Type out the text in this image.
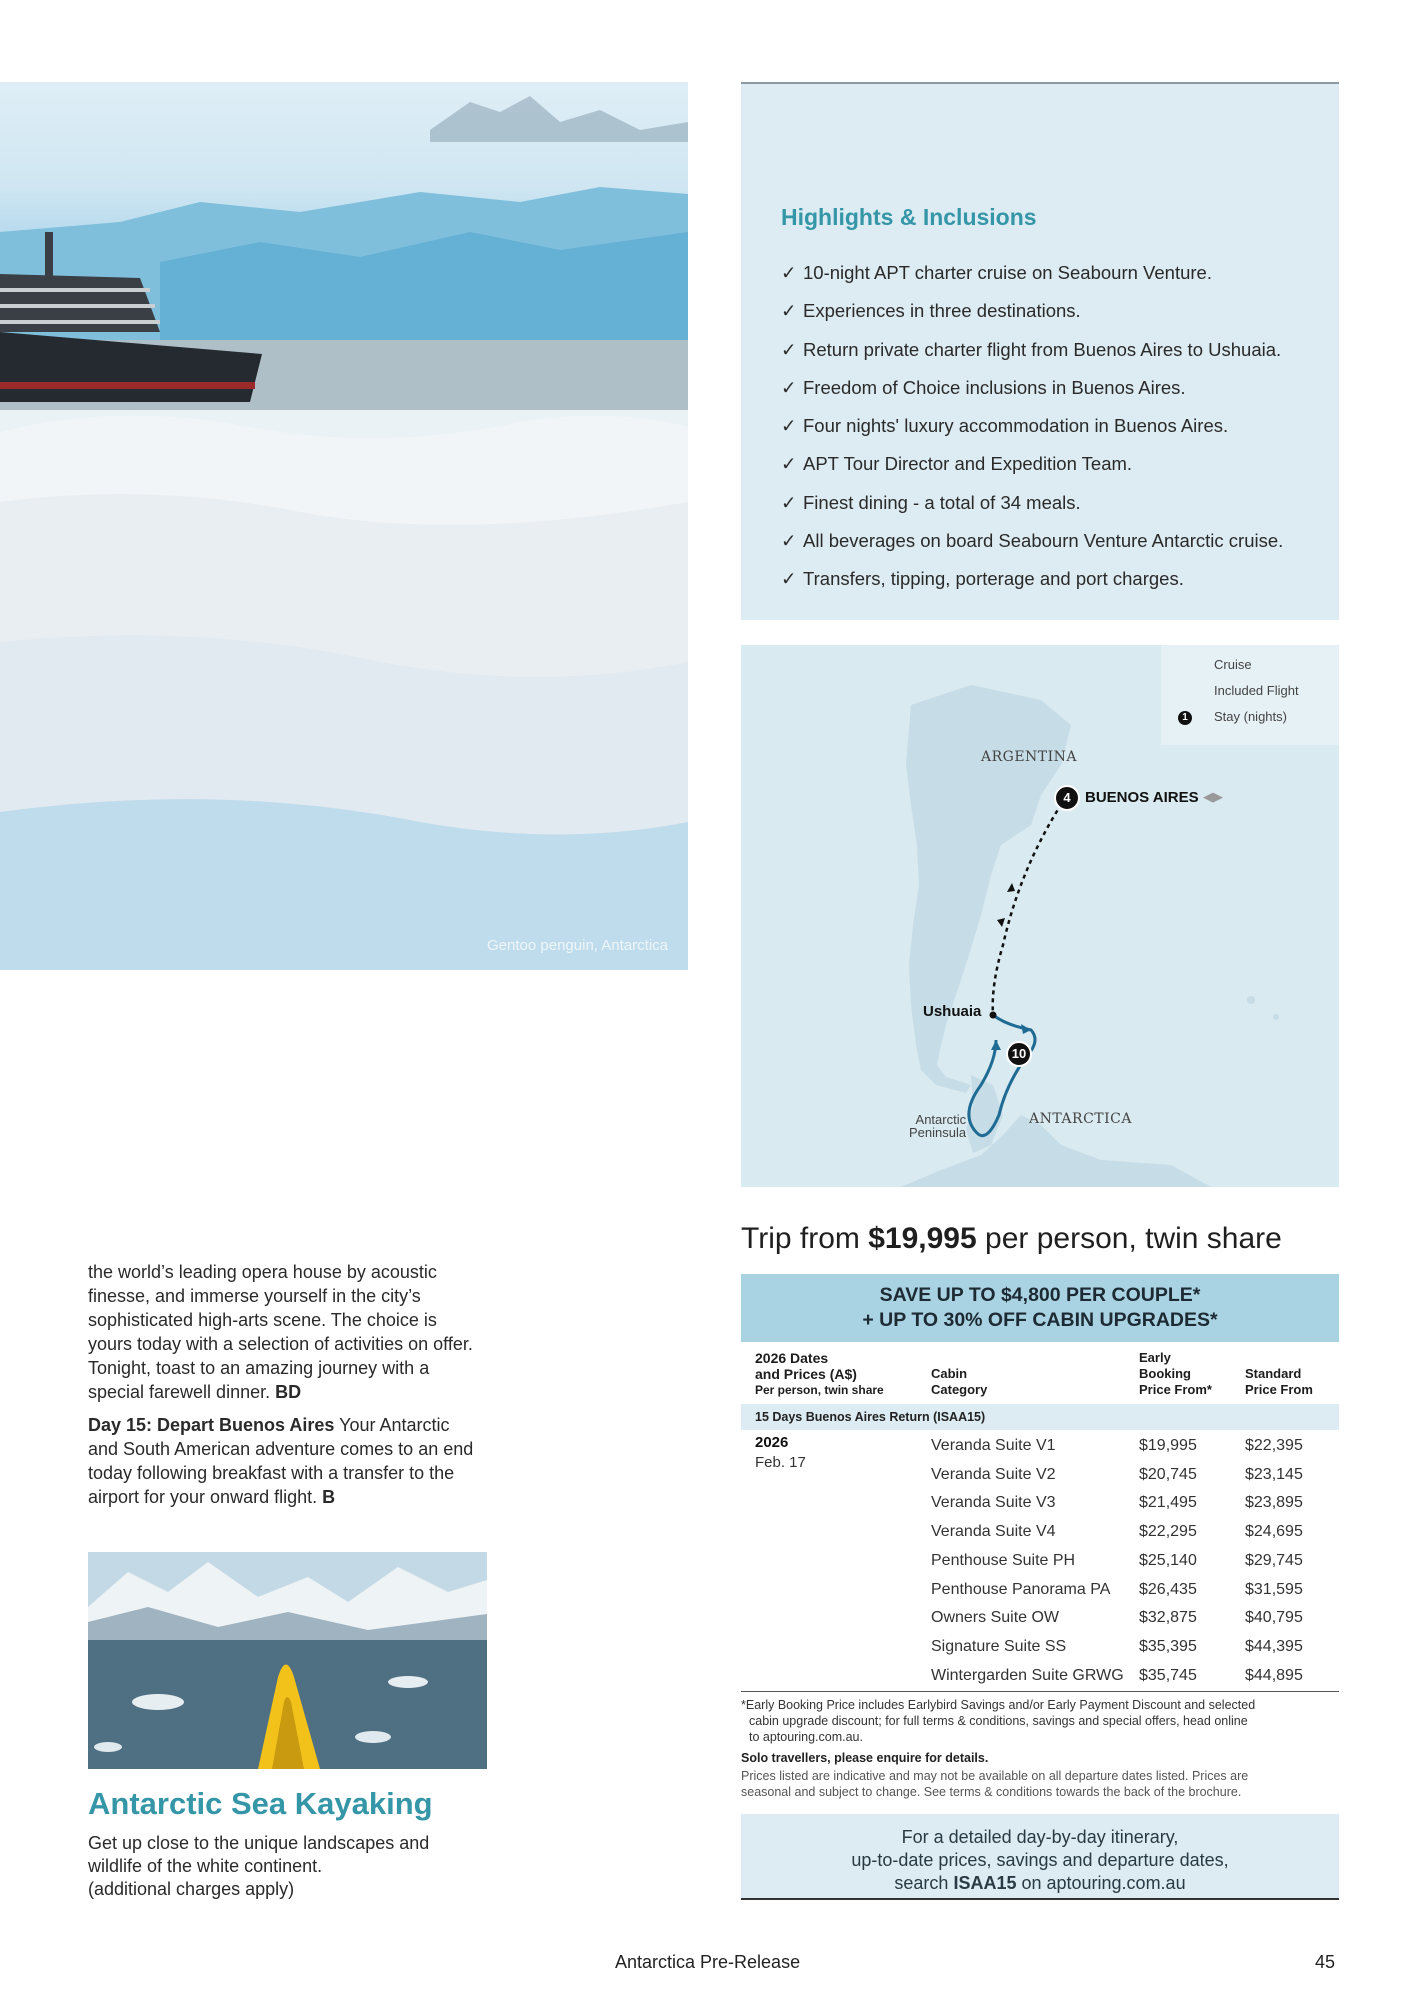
Gentoo penguin, Antarctica
Highlights & Inclusions
✓ 10-night APT charter cruise on Seabourn Venture.
✓ Experiences in three destinations.
✓ Return private charter flight from Buenos Aires to Ushuaia.
✓ Freedom of Choice inclusions in Buenos Aires.
✓ Four nights' luxury accommodation in Buenos Aires.
✓ APT Tour Director and Expedition Team.
✓ Finest dining - a total of 34 meals.
✓ All beverages on board Seabourn Venture Antarctic cruise.
✓ Transfers, tipping, porterage and port charges.
Cruise
Included Flight
1	Stay (nights)
ARGENTINA
4 BUENOS AIRES ◀▶
Ushuaia
10
ANTARCTICA
Antarctic
Peninsula
Trip from $19,995 per person, twin share
SAVE UP TO $4,800 PER COUPLE*
+ UP TO 30% OFF CABIN UPGRADES*
2026 Dates
and Prices (A$)
Per person, twin share
Cabin
Category
Early
Booking
Price From*
Standard
Price From
15 Days Buenos Aires Return (ISAA15)
2026
Feb. 17
Veranda Suite V1	$19,995	$22,395
Veranda Suite V2	$20,745	$23,145
Veranda Suite V3	$21,495	$23,895
Veranda Suite V4	$22,295	$24,695
Penthouse Suite PH	$25,140	$29,745
Penthouse Panorama PA $26,435	$31,595
Owners Suite OW	$32,875	$40,795
Signature Suite SS	$35,395	$44,395
Wintergarden Suite GRWG $35,745	$44,895
*Early Booking Price includes Earlybird Savings and/or Early Payment Discount and selected
cabin upgrade discount; for full terms & conditions, savings and special offers, head online
to aptouring.com.au.
Solo travellers, please enquire for details.
Prices listed are indicative and may not be available on all departure dates listed. Prices are
seasonal and subject to change. See terms & conditions towards the back of the brochure.
For a detailed day-by-day itinerary,
up-to-date prices, savings and departure dates,
search ISAA15 on aptouring.com.au

the world’s leading opera house by acoustic finesse, and immerse yourself in the city’s sophisticated high-arts scene. The choice is yours today with a selection of activities on offer. Tonight, toast to an amazing journey with a special farewell dinner. BD

Day 15: Depart Buenos Aires Your Antarctic and South American adventure comes to an end today following breakfast with a transfer to the airport for your onward flight. B

Antarctic Sea Kayaking
Get up close to the unique landscapes and
wildlife of the white continent.
(additional charges apply)
Antarctica Pre-Release	45
